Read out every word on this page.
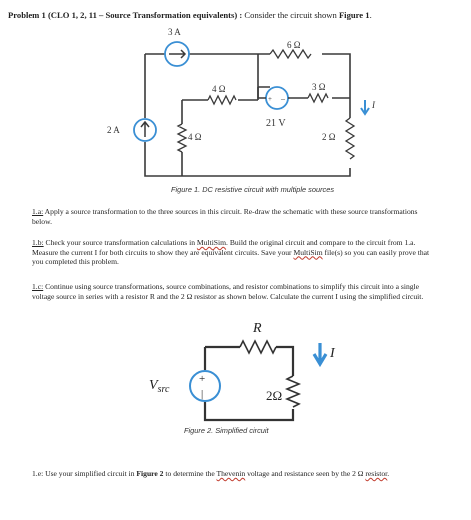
Problem 1 (CLO 1, 2, 11 – Source Transformation equivalents) : Consider the circuit shown Figure 1.
3 A
6 Ω
4 Ω
+ –
21 V
3 Ω
2 Ω
I
4 Ω
2 A
Figure 1. DC resistive circuit with multiple sources
1.a: Apply a source transformation to the three sources in this circuit. Re-draw the schematic with these source transformations below.
1.b: Check your source transformation calculations in MultiSim. Build the original circuit and compare to the circuit from 1.a. Measure the current I for both circuits to show they are equivalent circuits. Save your MultiSim file(s) so you can easily prove that you completed this problem.
1.c: Continue using source transformations, source combinations, and resistor combinations to simplify this circuit into a single voltage source in series with a resistor R and the 2 Ω resistor as shown below. Calculate the current I using the simplified circuit.
R
2Ω
+
|
$V_{src}$
I
Figure 2. Simplified circuit
1.e: Use your simplified circuit in Figure 2 to determine the Thevenin voltage and resistance seen by the 2 Ω resistor.
